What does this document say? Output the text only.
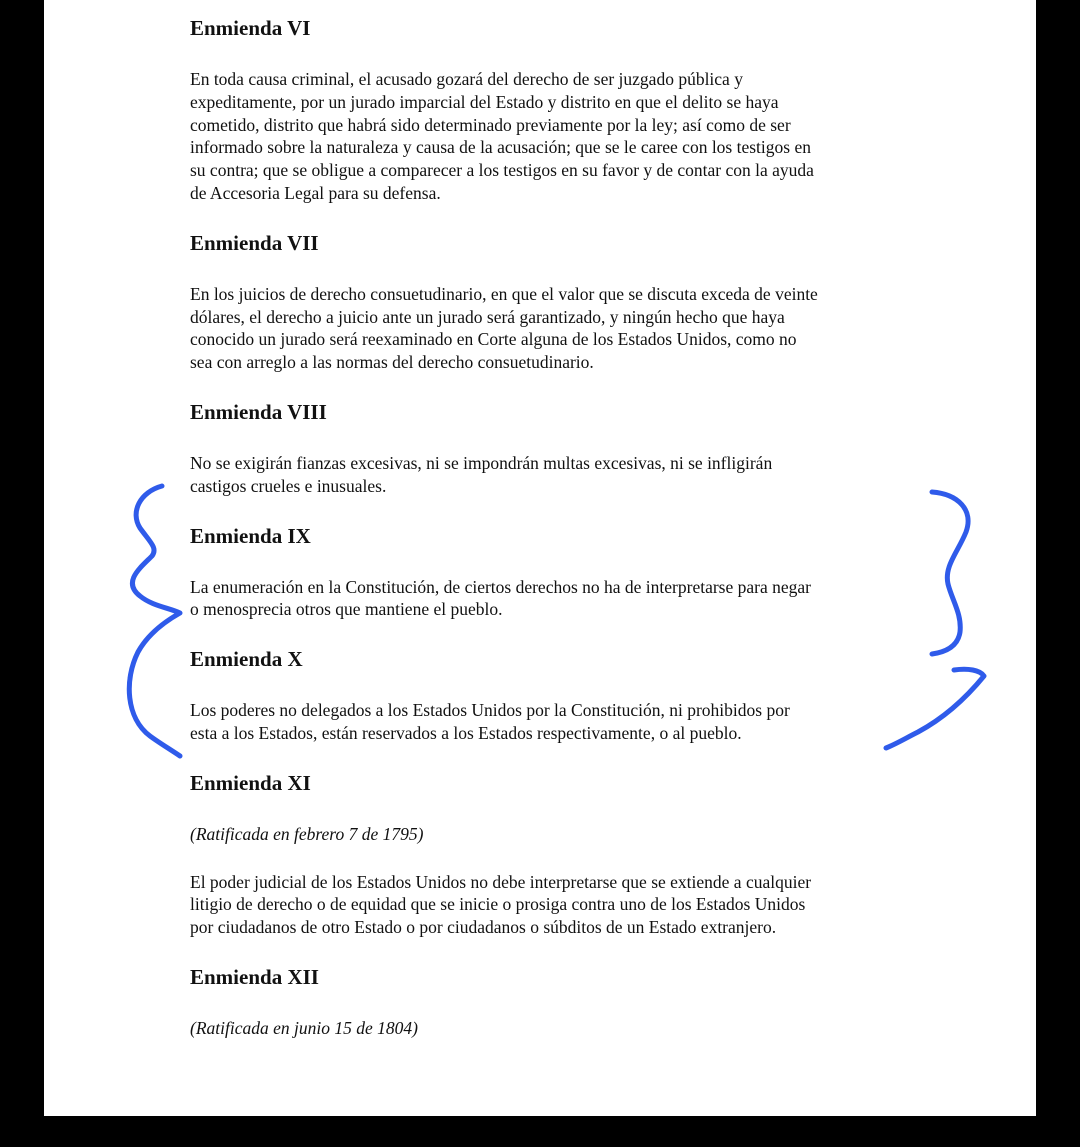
Enmienda VI

En toda causa criminal, el acusado gozará del derecho de ser juzgado pública y

expeditamente, por un jurado imparcial del Estado y distrito en que el delito se haya

cometido, distrito que habrá sido determinado previamente por la ley; así como de ser

informado sobre la naturaleza y causa de la acusación; que se le caree con los testigos en

su contra; que se obligue a comparecer a los testigos en su favor y de contar con la ayuda

de Accesoria Legal para su defensa.

Enmienda VII

En los juicios de derecho consuetudinario, en que el valor que se discuta exceda de veinte

dólares, el derecho a juicio ante un jurado será garantizado, y ningún hecho que haya

conocido un jurado será reexaminado en Corte alguna de los Estados Unidos, como no

sea con arreglo a las normas del derecho consuetudinario.

Enmienda VIII

No se exigirán fianzas excesivas, ni se impondrán multas excesivas, ni se infligirán

castigos crueles e inusuales.

Enmienda IX

La enumeración en la Constitución, de ciertos derechos no ha de interpretarse para negar

o menosprecia otros que mantiene el pueblo.

Enmienda X

Los poderes no delegados a los Estados Unidos por la Constitución, ni prohibidos por

esta a los Estados, están reservados a los Estados respectivamente, o al pueblo.

Enmienda XI

(Ratificada en febrero 7 de 1795)

El poder judicial de los Estados Unidos no debe interpretarse que se extiende a cualquier

litigio de derecho o de equidad que se inicie o prosiga contra uno de los Estados Unidos

por ciudadanos de otro Estado o por ciudadanos o súbditos de un Estado extranjero.

Enmienda XII

(Ratificada en junio 15 de 1804)
